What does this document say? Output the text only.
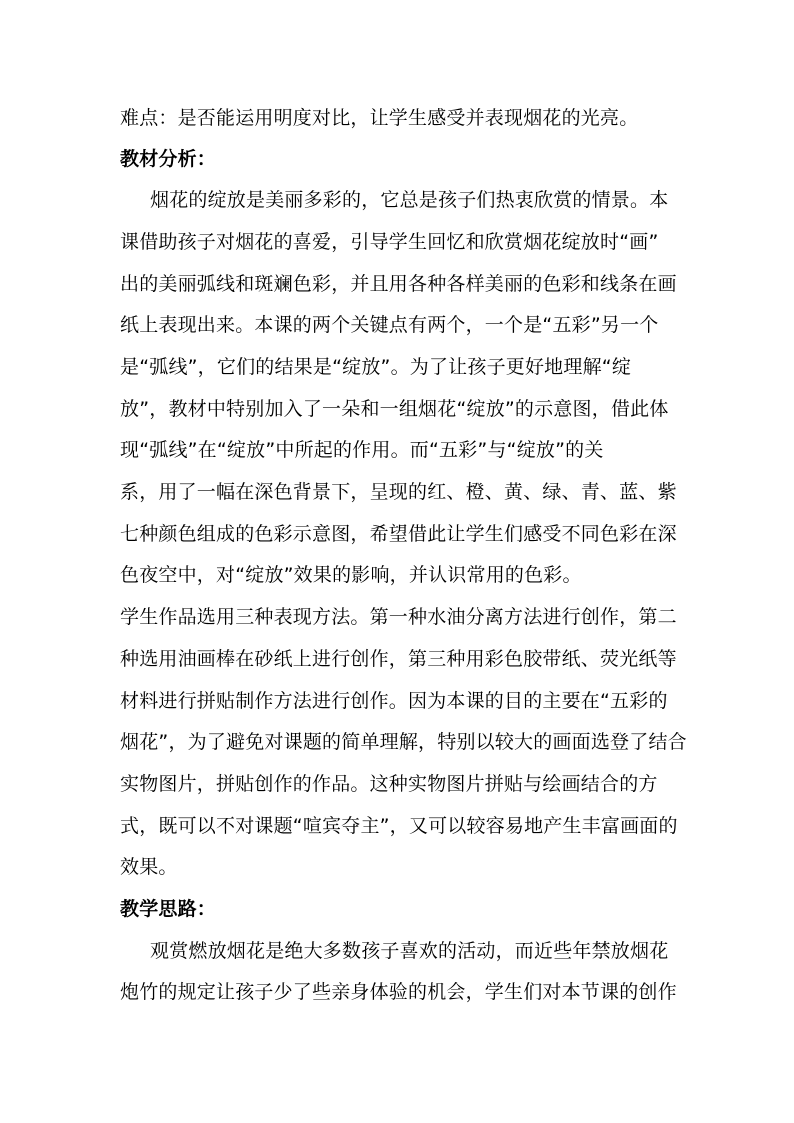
难点：是否能运用明度对比，让学生感受并表现烟花的光亮。
教材分析：
烟花的绽放是美丽多彩的，它总是孩子们热衷欣赏的情景。本
课借助孩子对烟花的喜爱，引导学生回忆和欣赏烟花绽放时“画”
出的美丽弧线和斑斓色彩，并且用各种各样美丽的色彩和线条在画
纸上表现出来。本课的两个关键点有两个，一个是“五彩”另一个
是“弧线”，它们的结果是“绽放”。为了让孩子更好地理解“绽
放”，教材中特别加入了一朵和一组烟花“绽放”的示意图，借此体
现“弧线”在“绽放”中所起的作用。而“五彩”与“绽放”的关
系，用了一幅在深色背景下，呈现的红、橙、黄、绿、青、蓝、紫
七种颜色组成的色彩示意图，希望借此让学生们感受不同色彩在深
色夜空中，对“绽放”效果的影响，并认识常用的色彩。
学生作品选用三种表现方法。第一种水油分离方法进行创作，第二
种选用油画棒在砂纸上进行创作，第三种用彩色胶带纸、荧光纸等
材料进行拼贴制作方法进行创作。因为本课的目的主要在“五彩的
烟花”，为了避免对课题的简单理解，特别以较大的画面选登了结合
实物图片，拼贴创作的作品。这种实物图片拼贴与绘画结合的方
式，既可以不对课题“喧宾夺主”，又可以较容易地产生丰富画面的
效果。
教学思路：
观赏燃放烟花是绝大多数孩子喜欢的活动，而近些年禁放烟花
炮竹的规定让孩子少了些亲身体验的机会，学生们对本节课的创作
